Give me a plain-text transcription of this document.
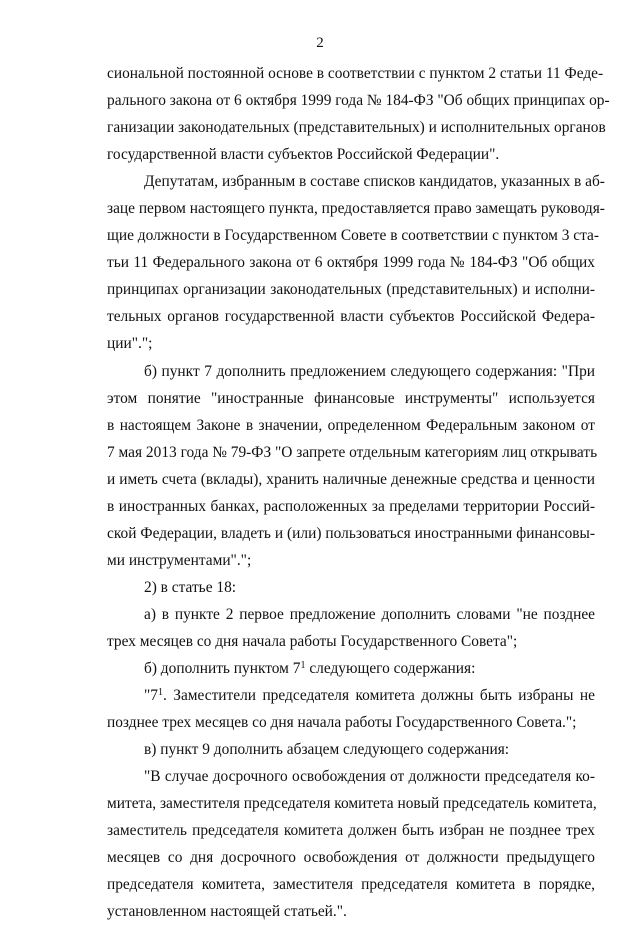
2
сиональной постоянной основе в соответствии с пунктом 2 статьи 11 Феде-
рального закона от 6 октября 1999 года № 184-ФЗ "Об общих принципах ор-
ганизации законодательных (представительных) и исполнительных органов
государственной власти субъектов Российской Федерации".
Депутатам, избранным в составе списков кандидатов, указанных в аб-
заце первом настоящего пункта, предоставляется право замещать руководя-
щие должности в Государственном Совете в соответствии с пунктом 3 ста-
тьи 11 Федерального закона от 6 октября 1999 года № 184-ФЗ "Об общих
принципах организации законодательных (представительных) и исполни-
тельных органов государственной власти субъектов Российской Федера-
ции".";
б) пункт 7 дополнить предложением следующего содержания: "При
этом понятие "иностранные финансовые инструменты" используется
в настоящем Законе в значении, определенном Федеральным законом от
7 мая 2013 года № 79-ФЗ "О запрете отдельным категориям лиц открывать
и иметь счета (вклады), хранить наличные денежные средства и ценности
в иностранных банках, расположенных за пределами территории Россий-
ской Федерации, владеть и (или) пользоваться иностранными финансовы-
ми инструментами".";
2) в статье 18:
а) в пункте 2 первое предложение дополнить словами "не позднее
трех месяцев со дня начала работы Государственного Совета";
б) дополнить пунктом $7^1$ следующего содержания:
"$7^1$. Заместители председателя комитета должны быть избраны не
позднее трех месяцев со дня начала работы Государственного Совета.";
в) пункт 9 дополнить абзацем следующего содержания:
"В случае досрочного освобождения от должности председателя ко-
митета, заместителя председателя комитета новый председатель комитета,
заместитель председателя комитета должен быть избран не позднее трех
месяцев со дня досрочного освобождения от должности предыдущего
председателя комитета, заместителя председателя комитета в порядке,
установленном настоящей статьей.".
